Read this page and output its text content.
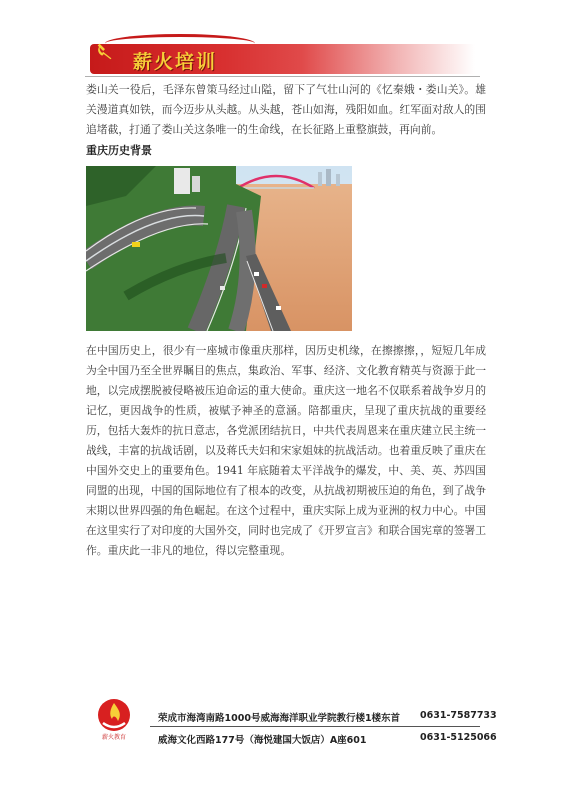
薪火培训

娄山关一役后，毛泽东曾策马经过山隘，留下了气壮山河的《忆秦娥・娄山关》。雄关漫道真如铁，而今迈步从头越。从头越，苍山如海，残阳如血。红军面对敌人的围追堵截，打通了娄山关这条唯一的生命线，在长征路上重整旗鼓，再向前。

重庆历史背景

在中国历史上，很少有一座城市像重庆那样，因历史机缘，在擦擦擦，，短短几年成为全中国乃至全世界瞩目的焦点，集政治、军事、经济、文化教育精英与资源于此一地，以完成摆脱被侵略被压迫命运的重大使命。重庆这一地名不仅联系着战争岁月的记忆，更因战争的性质，被赋予神圣的意涵。陪都重庆，呈现了重庆抗战的重要经历，包括大轰炸的抗日意志，各党派团结抗日，中共代表周恩来在重庆建立民主统一战线，丰富的抗战话剧，以及蒋氏夫妇和宋家姐妹的抗战活动。也着重反映了重庆在中国外交史上的重要角色。1941 年底随着太平洋战争的爆发，中、美、英、苏四国同盟的出现，中国的国际地位有了根本的改变，从抗战初期被压迫的角色，到了战争末期以世界四强的角色崛起。在这个过程中，重庆实际上成为亚洲的权力中心。中国在这里实行了对印度的大国外交，同时也完成了《开罗宣言》和联合国宪章的签署工作。重庆此一非凡的地位，得以完整重现。

薪火教育
荣成市海湾南路1000号威海海洋职业学院教行楼1楼东首 0631-7587733
威海文化西路177号（海悦建国大饭店）A座601	0631-5125066
